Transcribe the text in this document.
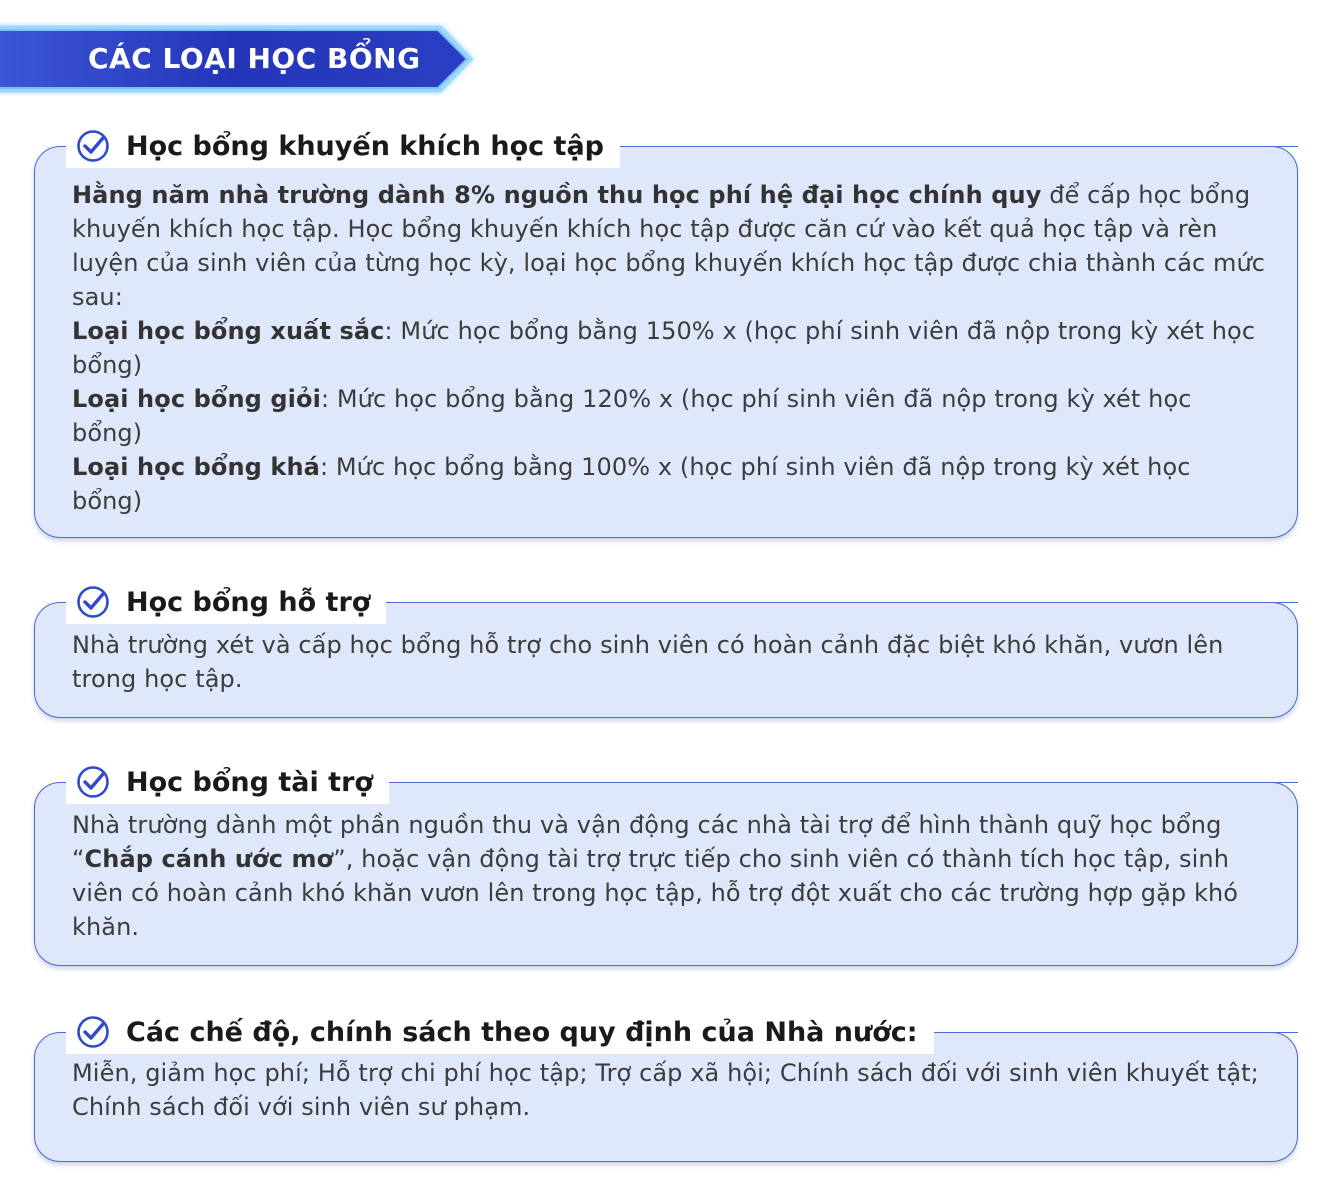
CÁC LOẠI HỌC BỔNG
Học bổng khuyến khích học tập
Hằng năm nhà trường dành 8% nguồn thu học phí hệ đại học chính quy để cấp học bổng khuyến khích học tập. Học bổng khuyến khích học tập được căn cứ vào kết quả học tập và rèn luyện của sinh viên của từng học kỳ, loại học bổng khuyến khích học tập được chia thành các mức sau:
Loại học bổng xuất sắc: Mức học bổng bằng 150% x (học phí sinh viên đã nộp trong kỳ xét học bổng)
Loại học bổng giỏi: Mức học bổng bằng 120% x (học phí sinh viên đã nộp trong kỳ xét học bổng)
Loại học bổng khá: Mức học bổng bằng 100% x (học phí sinh viên đã nộp trong kỳ xét học bổng)
Học bổng hỗ trợ
Nhà trường xét và cấp học bổng hỗ trợ cho sinh viên có hoàn cảnh đặc biệt khó khăn, vươn lên trong học tập.
Học bổng tài trợ
Nhà trường dành một phần nguồn thu và vận động các nhà tài trợ để hình thành quỹ học bổng “Chắp cánh ước mơ”, hoặc vận động tài trợ trực tiếp cho sinh viên có thành tích học tập, sinh viên có hoàn cảnh khó khăn vươn lên trong học tập, hỗ trợ đột xuất cho các trường hợp gặp khó khăn.
Các chế độ, chính sách theo quy định của Nhà nước:
Miễn, giảm học phí; Hỗ trợ chi phí học tập; Trợ cấp xã hội; Chính sách đối với sinh viên khuyết tật; Chính sách đối với sinh viên sư phạm.
